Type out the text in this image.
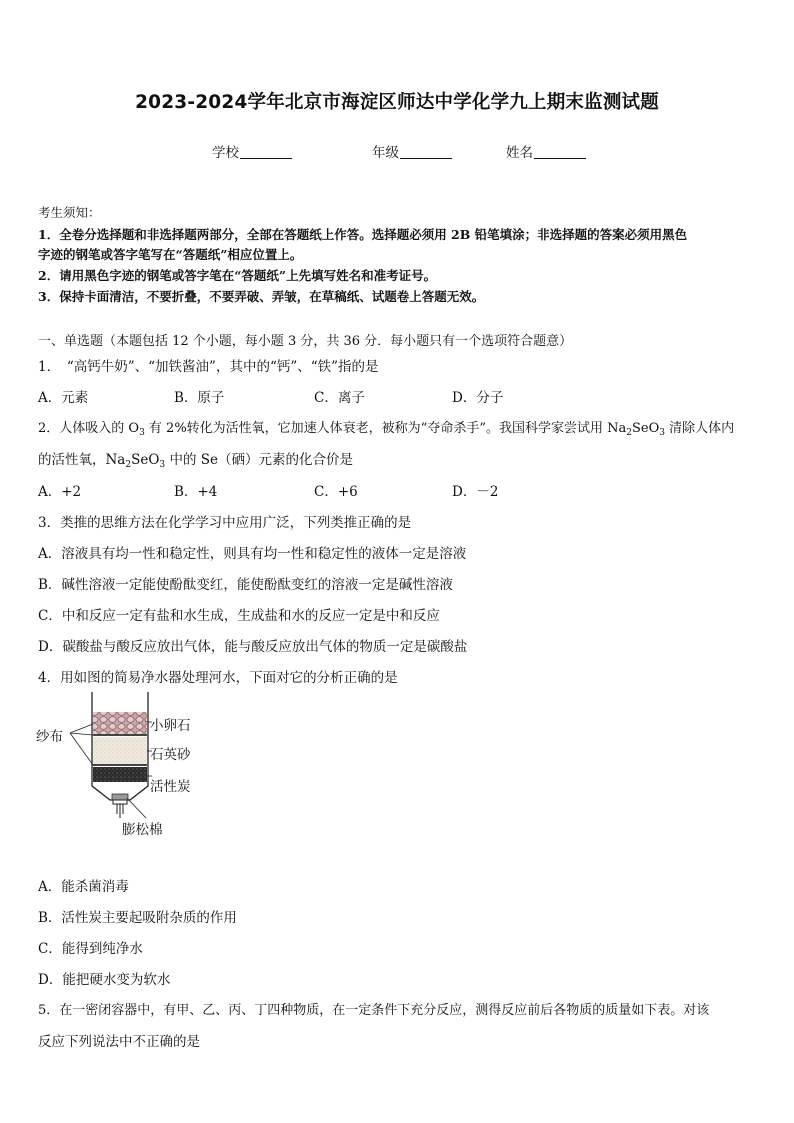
2023-2024学年北京市海淀区师达中学化学九上期末监测试题
学校	年级	姓名
考生须知：
1．全卷分选择题和非选择题两部分，全部在答题纸上作答。选择题必须用 2B 铅笔填涂；非选择题的答案必须用黑色
字迹的钢笔或答字笔写在“答题纸”相应位置上。
2．请用黑色字迹的钢笔或答字笔在“答题纸”上先填写姓名和准考证号。
3．保持卡面清洁，不要折叠，不要弄破、弄皱，在草稿纸、试题卷上答题无效。
一、单选题（本题包括 12 个小题，每小题 3 分，共 36 分．每小题只有一个选项符合题意）
1．　“高钙牛奶”、“加铁酱油”，其中的“钙”、“铁”指的是
A．元素	B．原子	C．离子	D．分子
2．人体吸入的 $O_3$ 有 2%转化为活性氧，它加速人体衰老，被称为“夺命杀手”。我国科学家尝试用 $Na_2SeO_3$ 清除人体内
的活性氧，$Na_2SeO_3$ 中的 Se（硒）元素的化合价是
A．+2	B．+4	C．+6	D．－2
3．类推的思维方法在化学学习中应用广泛，下列类推正确的是
A．溶液具有均一性和稳定性，则具有均一性和稳定性的液体一定是溶液
B．碱性溶液一定能使酚酞变红，能使酚酞变红的溶液一定是碱性溶液
C．中和反应一定有盐和水生成，生成盐和水的反应一定是中和反应
D．碳酸盐与酸反应放出气体，能与酸反应放出气体的物质一定是碳酸盐
4．用如图的简易净水器处理河水，下面对它的分析正确的是
纱布
小卵石
石英砂
活性炭
膨松棉
A．能杀菌消毒
B．活性炭主要起吸附杂质的作用
C．能得到纯净水
D．能把硬水变为软水
5．在一密闭容器中，有甲、乙、丙、丁四种物质，在一定条件下充分反应，测得反应前后各物质的质量如下表。对该
反应下列说法中不正确的是
